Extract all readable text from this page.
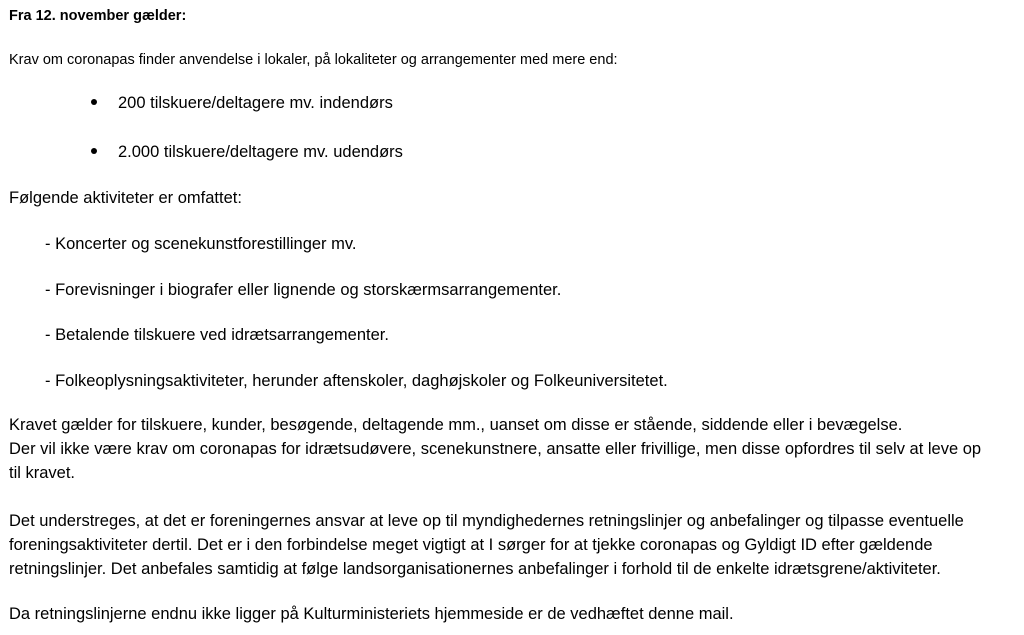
Fra 12. november gælder:
Krav om coronapas finder anvendelse i lokaler, på lokaliteter og arrangementer med mere end:
200 tilskuere/deltagere mv. indendørs
2.000 tilskuere/deltagere mv. udendørs
Følgende aktiviteter er omfattet:
- Koncerter og scenekunstforestillinger mv.
- Forevisninger i biografer eller lignende og storskærmsarrangementer.
- Betalende tilskuere ved idrætsarrangementer.
- Folkeoplysningsaktiviteter, herunder aftenskoler, daghøjskoler og Folkeuniversitetet.
Kravet gælder for tilskuere, kunder, besøgende, deltagende mm., uanset om disse er stående, siddende eller i bevægelse.
Der vil ikke være krav om coronapas for idrætsudøvere, scenekunstnere, ansatte eller frivillige, men disse opfordres til selv at leve op
til kravet.
Det understreges, at det er foreningernes ansvar at leve op til myndighedernes retningslinjer og anbefalinger og tilpasse eventuelle
foreningsaktiviteter dertil. Det er i den forbindelse meget vigtigt at I sørger for at tjekke coronapas og Gyldigt ID efter gældende
retningslinjer. Det anbefales samtidig at følge landsorganisationernes anbefalinger i forhold til de enkelte idrætsgrene/aktiviteter.
Da retningslinjerne endnu ikke ligger på Kulturministeriets hjemmeside er de vedhæftet denne mail.
